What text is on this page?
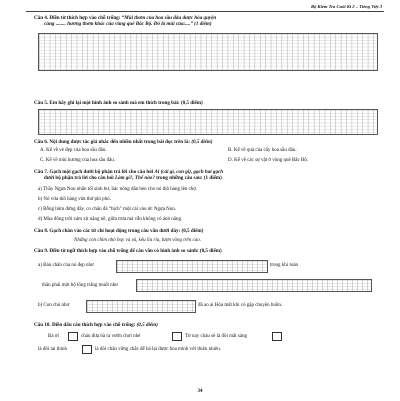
Bộ Kiểm Tra Cuối Kì 2 – Tiếng Việt 3
Câu 4. Điền từ thích hợp vào chỗ trống: “Mùi thơm của hoa sầu đâu được hòa quyện
cùng ........ hương thơm khác của vùng quê Bắc Bộ. Đó là mùi của:....” (1 điểm)
Câu 5. Em hãy ghi lại một hình ảnh so sánh mà em thích trong bài: (0,5 điểm)
Câu 6. Nội dung được tác giả nhắc đến nhiều nhất trong bài đọc trên là: (0,5 điểm)
A. Kể về vẻ đẹp của hoa sầu đâu.	B. Kể về quả của cây hoa sầu đâu.
C. Kể về mùi hương của hoa sầu đâu.	D. Kể về các sự vật ở vùng quê Bắc Bộ.
Câu 7. Gạch một gạch dưới bộ phận trả lời cho câu hỏi Ai (cái gì, con gì), gạch hai gạch
dưới bộ phận trả lời cho câu hỏi Làm gì?, Thế nào? trong những câu sau: (1 điểm)
a) Thầy Ngựa Non nhấn tối sinh hư, bác nông dân bèn cho nó thồ hàng lên chợ.
b) Nó vừa thồ hàng vừa thở phì phò.
c) Bỗng hôm đứng đây, co chân đá “bịch” một cái vào ức Ngựa Non.
d) Mùa đông trời xám xịt nặng nề, giữa trưa mà vẫn không có ánh nắng.
Câu 8. Gạch chân vào các từ chỉ hoạt động trong câu văn dưới đây: (0,5 điểm)
Những con chim nhỏ bay và và, kêu líu ríu, lượn vòng trên cao.
Câu 9. Điền từ ngữ thích hợp vào chỗ trống để câu văn có hình ảnh so sánh: (0,5 điểm)
a) Bàn chân của nó đẹp như	trong khi toàn
thân phải một bộ lông trắng muốt như
b) Con chó như	đã ao ai Hóa mất khi có gặp chuyện buồn.
Câu 10. Điền dấu câu thích hợp vào chỗ trống: (0,5 điểm)
Bà ơi	cháu đưa bà ra vườn chơi nhé	Từ nay cháu sẽ là đôi mắt sáng
là đôi tai thính	là đôi chân vững chắc để bà lại được hòa mình với thiên nhiên.
34
